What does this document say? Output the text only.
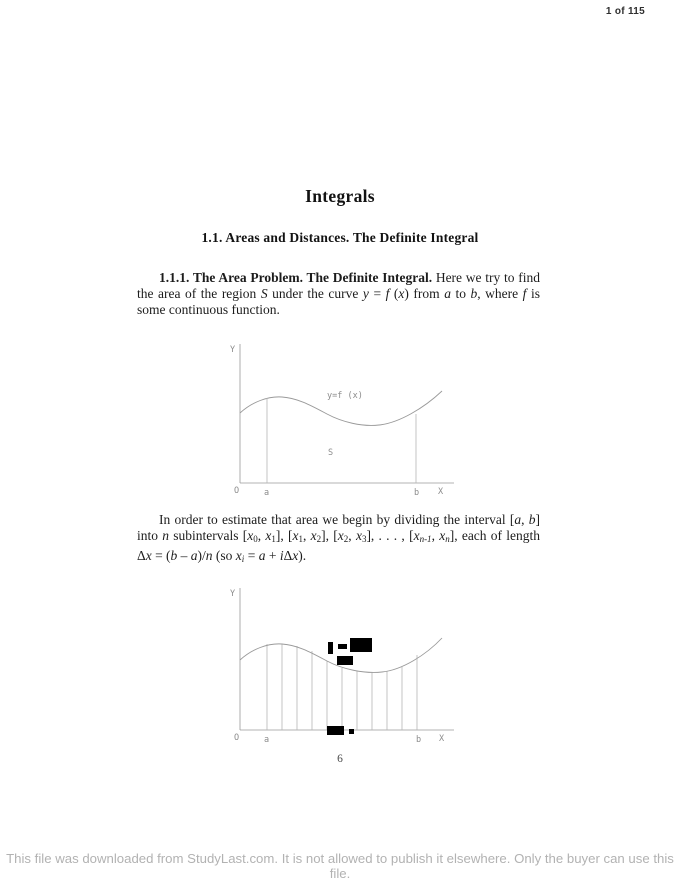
1 of 115
Integrals
1.1. Areas and Distances. The Definite Integral

1.1.1. The Area Problem. The Definite Integral. Here we try to find the area of the region S under the curve y = f (x) from a to b, where f is some continuous function.

Y
y=f (x)
S
O	a	b X

In order to estimate that area we begin by dividing the interval [a, b] into n subintervals [x0, x1], [x1, x2], [x2, x3], . . . , [xn-1, xn], each of length Δx = (b – a)/n (so xi = a + iΔx).

Y
O	a	b X
6
This file was downloaded from StudyLast.com. It is not allowed to publish it elsewhere. Only the buyer can use this file.
